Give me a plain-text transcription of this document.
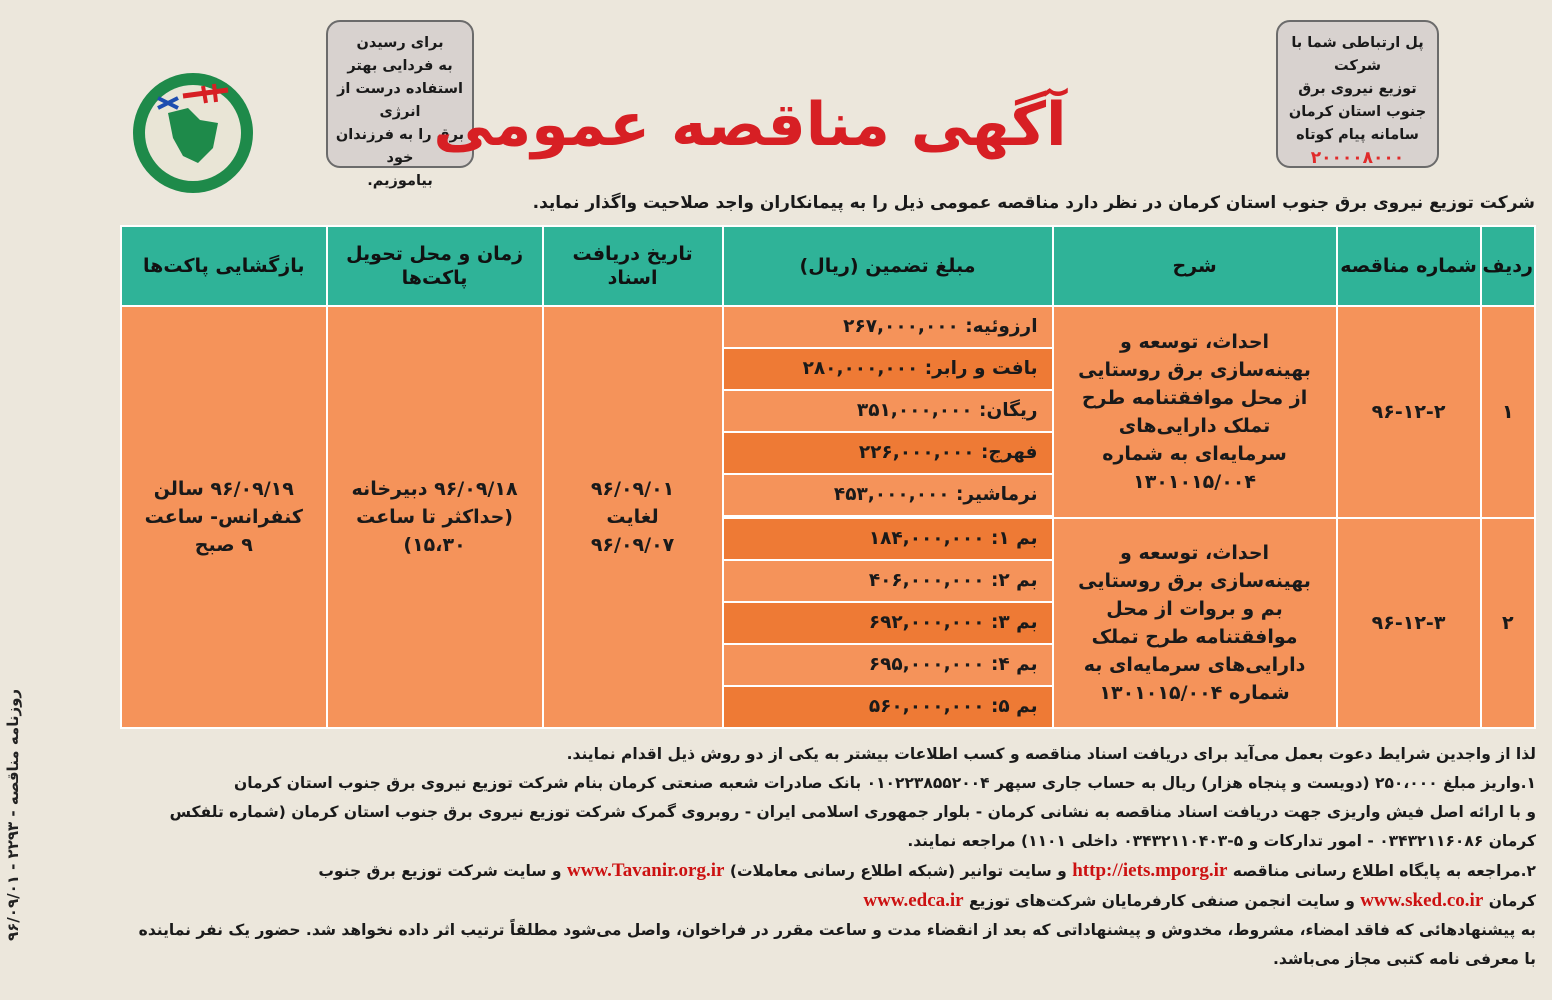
برای رسیدن
به فردایی بهتر
استفاده درست از انرژی
برق را به فرزندان خود
بیاموزیم.
آگهی مناقصه عمومی
پل ارتباطی شما با شرکت
توزیع نیروی برق
جنوب استان کرمان
سامانه پیام کوتاه
۲۰۰۰۰۸۰۰۰
شرکت توزیع نیروی برق جنوب استان کرمان در نظر دارد مناقصه عمومی ذیل را به پیمانکاران واجد صلاحیت واگذار نماید.
ردیف	شماره مناقصه	شرح	مبلغ تضمین (ریال)	تاریخ دریافت اسناد	زمان و محل تحویل پاکت‌ها	بازگشایی پاکت‌ها
۱	۹۶-۱۲-۲	احداث، توسعه و بهینه‌سازی برق روستایی از محل موافقتنامه طرح تملک دارایی‌های سرمایه‌ای به شماره ۱۳۰۱۰۱۵/۰۰۴	ارزوئیه: ۲۶۷,۰۰۰,۰۰۰
بافت و رابر: ۲۸۰,۰۰۰,۰۰۰
ریگان: ۳۵۱,۰۰۰,۰۰۰
فهرج: ۲۲۶,۰۰۰,۰۰۰
نرماشیر: ۴۵۳,۰۰۰,۰۰۰	۹۶/۰۹/۰۱ لغایت ۹۶/۰۹/۰۷	۹۶/۰۹/۱۸ دبیرخانه (حداکثر تا ساعت ۱۵،۳۰)	۹۶/۰۹/۱۹ سالن کنفرانس- ساعت ۹ صبح
۲	۹۶-۱۲-۳	احداث، توسعه و بهینه‌سازی برق روستایی بم و بروات از محل موافقتنامه طرح تملک دارایی‌های سرمایه‌ای به شماره ۱۳۰۱۰۱۵/۰۰۴	بم ۱: ۱۸۴,۰۰۰,۰۰۰
بم ۲: ۴۰۶,۰۰۰,۰۰۰
بم ۳: ۶۹۲,۰۰۰,۰۰۰
بم ۴: ۶۹۵,۰۰۰,۰۰۰
بم ۵: ۵۶۰,۰۰۰,۰۰۰			

لذا از واجدین شرایط دعوت بعمل می‌آید برای دریافت اسناد مناقصه و کسب اطلاعات بیشتر به یکی از دو روش ذیل اقدام نمایند.

۱.واریز مبلغ ۲۵۰،۰۰۰ (دویست و پنجاه هزار) ریال به حساب جاری سپهر ۰۱۰۲۲۳۸۵۵۲۰۰۴ بانک صادرات شعبه صنعتی کرمان بنام شرکت توزیع نیروی برق جنوب استان کرمان

و با ارائه اصل فیش واریزی جهت دریافت اسناد مناقصه به نشانی کرمان - بلوار جمهوری اسلامی ایران - روبروی گمرک شرکت توزیع نیروی برق جنوب استان کرمان (شماره تلفکس

کرمان ۰۳۴۳۲۱۱۶۰۸۶ - امور تدارکات و ۵-۰۳۴۳۲۱۱۰۴۰۳ داخلی ۱۱۰۱) مراجعه نمایند.

۲.مراجعه به پایگاه اطلاع رسانی مناقصه http://iets.mporg.ir و سایت توانیر (شبکه اطلاع رسانی معاملات) www.Tavanir.org.ir و سایت شرکت توزیع برق جنوب

کرمان www.sked.co.ir و سایت انجمن صنفی کارفرمایان شرکت‌های توزیع www.edca.ir

به پیشنهادهائی که فاقد امضاء، مشروط، مخدوش و پیشنهاداتی که بعد از انقضاء مدت و ساعت مقرر در فراخوان، واصل می‌شود مطلقاً ترتیب اثر داده نخواهد شد. حضور یک نفر نماینده

با معرفی نامه کتبی مجاز می‌باشد.

روزنامه مناقصه - ۲۲۹۳ - ۹۶/۰۹/۰۱
